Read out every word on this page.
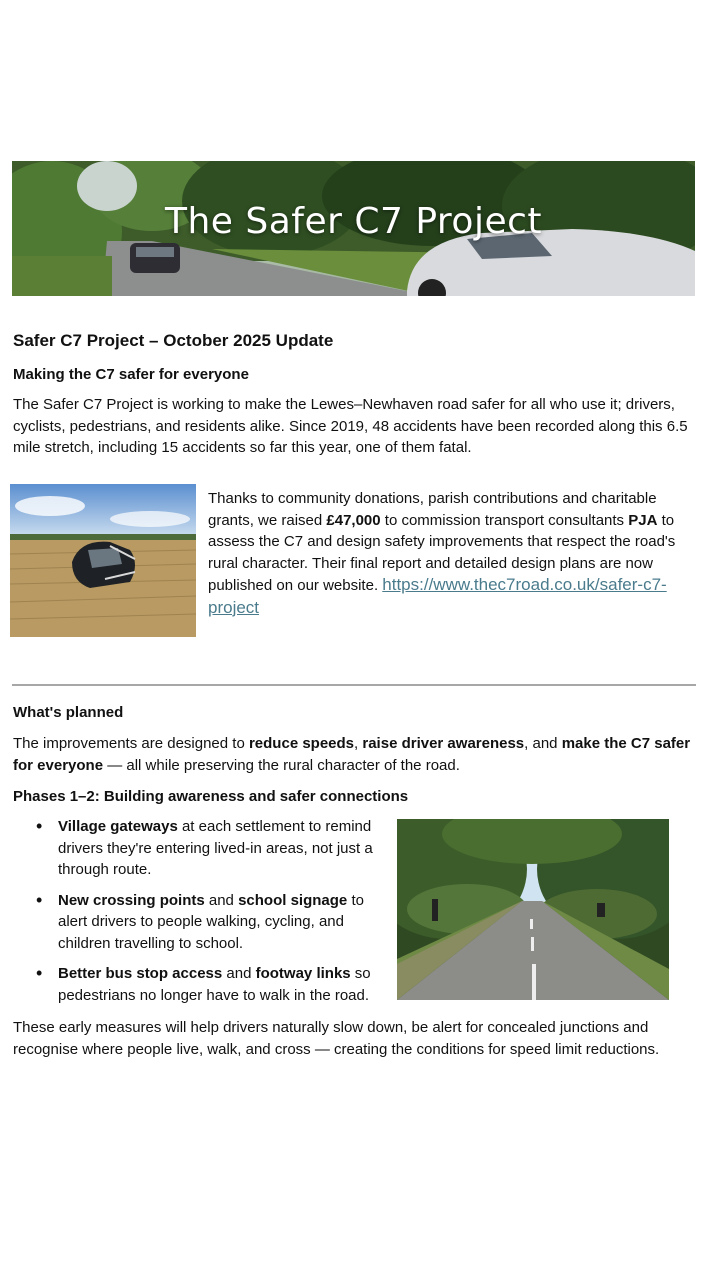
The Safer C7 Project
Safer C7 Project – October 2025 Update
Making the C7 safer for everyone
The Safer C7 Project is working to make the Lewes–Newhaven road safer for all who use it; drivers, cyclists, pedestrians, and residents alike. Since 2019, 48 accidents have been recorded along this 6.5 mile stretch, including 15 accidents so far this year, one of them fatal.
Thanks to community donations, parish contributions and charitable grants, we raised £47,000 to commission transport consultants PJA to assess the C7 and design safety improvements that respect the road's rural character. Their final report and detailed design plans are now published on our website. https://www.thec7road.co.uk/safer-c7-project
What's planned
The improvements are designed to reduce speeds, raise driver awareness, and make the C7 safer for everyone — all while preserving the rural character of the road.
Phases 1–2: Building awareness and safer connections
• Village gateways at each settlement to remind drivers they're entering lived-in areas, not just a through route.
• New crossing points and school signage to alert drivers to people walking, cycling, and children travelling to school.
• Better bus stop access and footway links so pedestrians no longer have to walk in the road.
These early measures will help drivers naturally slow down, be alert for concealed junctions and recognise where people live, walk, and cross — creating the conditions for speed limit reductions.
